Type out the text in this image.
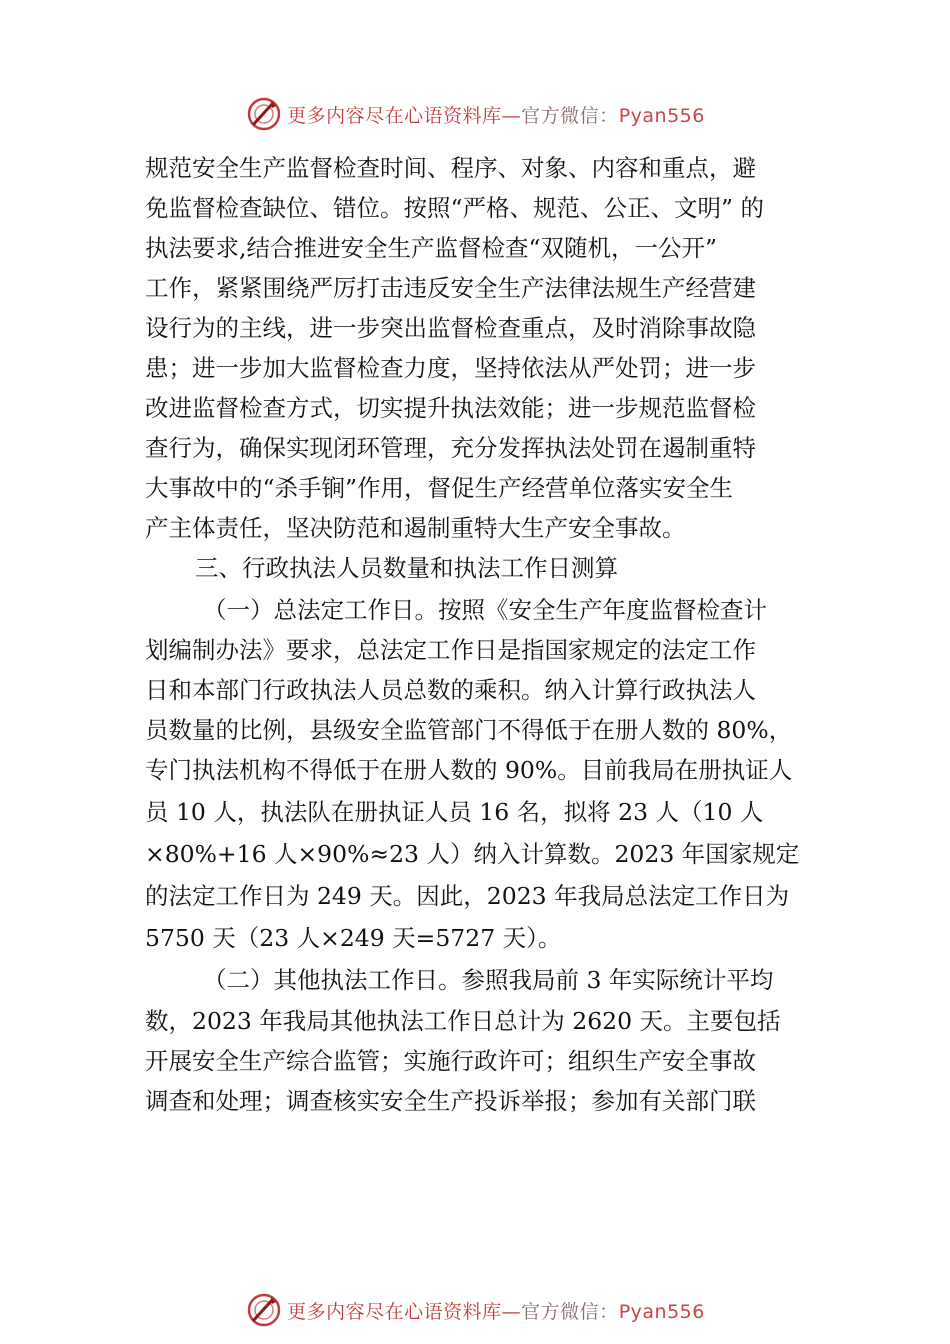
更多内容尽在心语资料库—官方微信：Pyan556
规范安全生产监督检查时间、程序、对象、内容和重点，避
免监督检查缺位、错位。按照“严格、规范、公正、文明” 的
执法要求,结合推进安全生产监督检查“双随机，一公开”
工作，紧紧围绕严厉打击违反安全生产法律法规生产经营建
设行为的主线，进一步突出监督检查重点，及时消除事故隐
患；进一步加大监督检查力度，坚持依法从严处罚；进一步
改进监督检查方式，切实提升执法效能；进一步规范监督检
查行为，确保实现闭环管理，充分发挥执法处罚在遏制重特
大事故中的“杀手锏”作用，督促生产经营单位落实安全生
产主体责任，坚决防范和遏制重特大生产安全事故。
三、行政执法人员数量和执法工作日测算
（一）总法定工作日。按照《安全生产年度监督检查计
划编制办法》要求，总法定工作日是指国家规定的法定工作
日和本部门行政执法人员总数的乘积。纳入计算行政执法人
员数量的比例，县级安全监管部门不得低于在册人数的 80%，
专门执法机构不得低于在册人数的 90%。目前我局在册执证人
员 10 人，执法队在册执证人员 16 名，拟将 23 人（10 人
×80%+16 人×90%≈23 人）纳入计算数。2023 年国家规定
的法定工作日为 249 天。因此，2023 年我局总法定工作日为
5750 天（23 人×249 天=5727 天）。
（二）其他执法工作日。参照我局前 3 年实际统计平均
数，2023 年我局其他执法工作日总计为 2620 天。主要包括
开展安全生产综合监管；实施行政许可；组织生产安全事故
调查和处理；调查核实安全生产投诉举报；参加有关部门联
更多内容尽在心语资料库—官方微信：Pyan556
